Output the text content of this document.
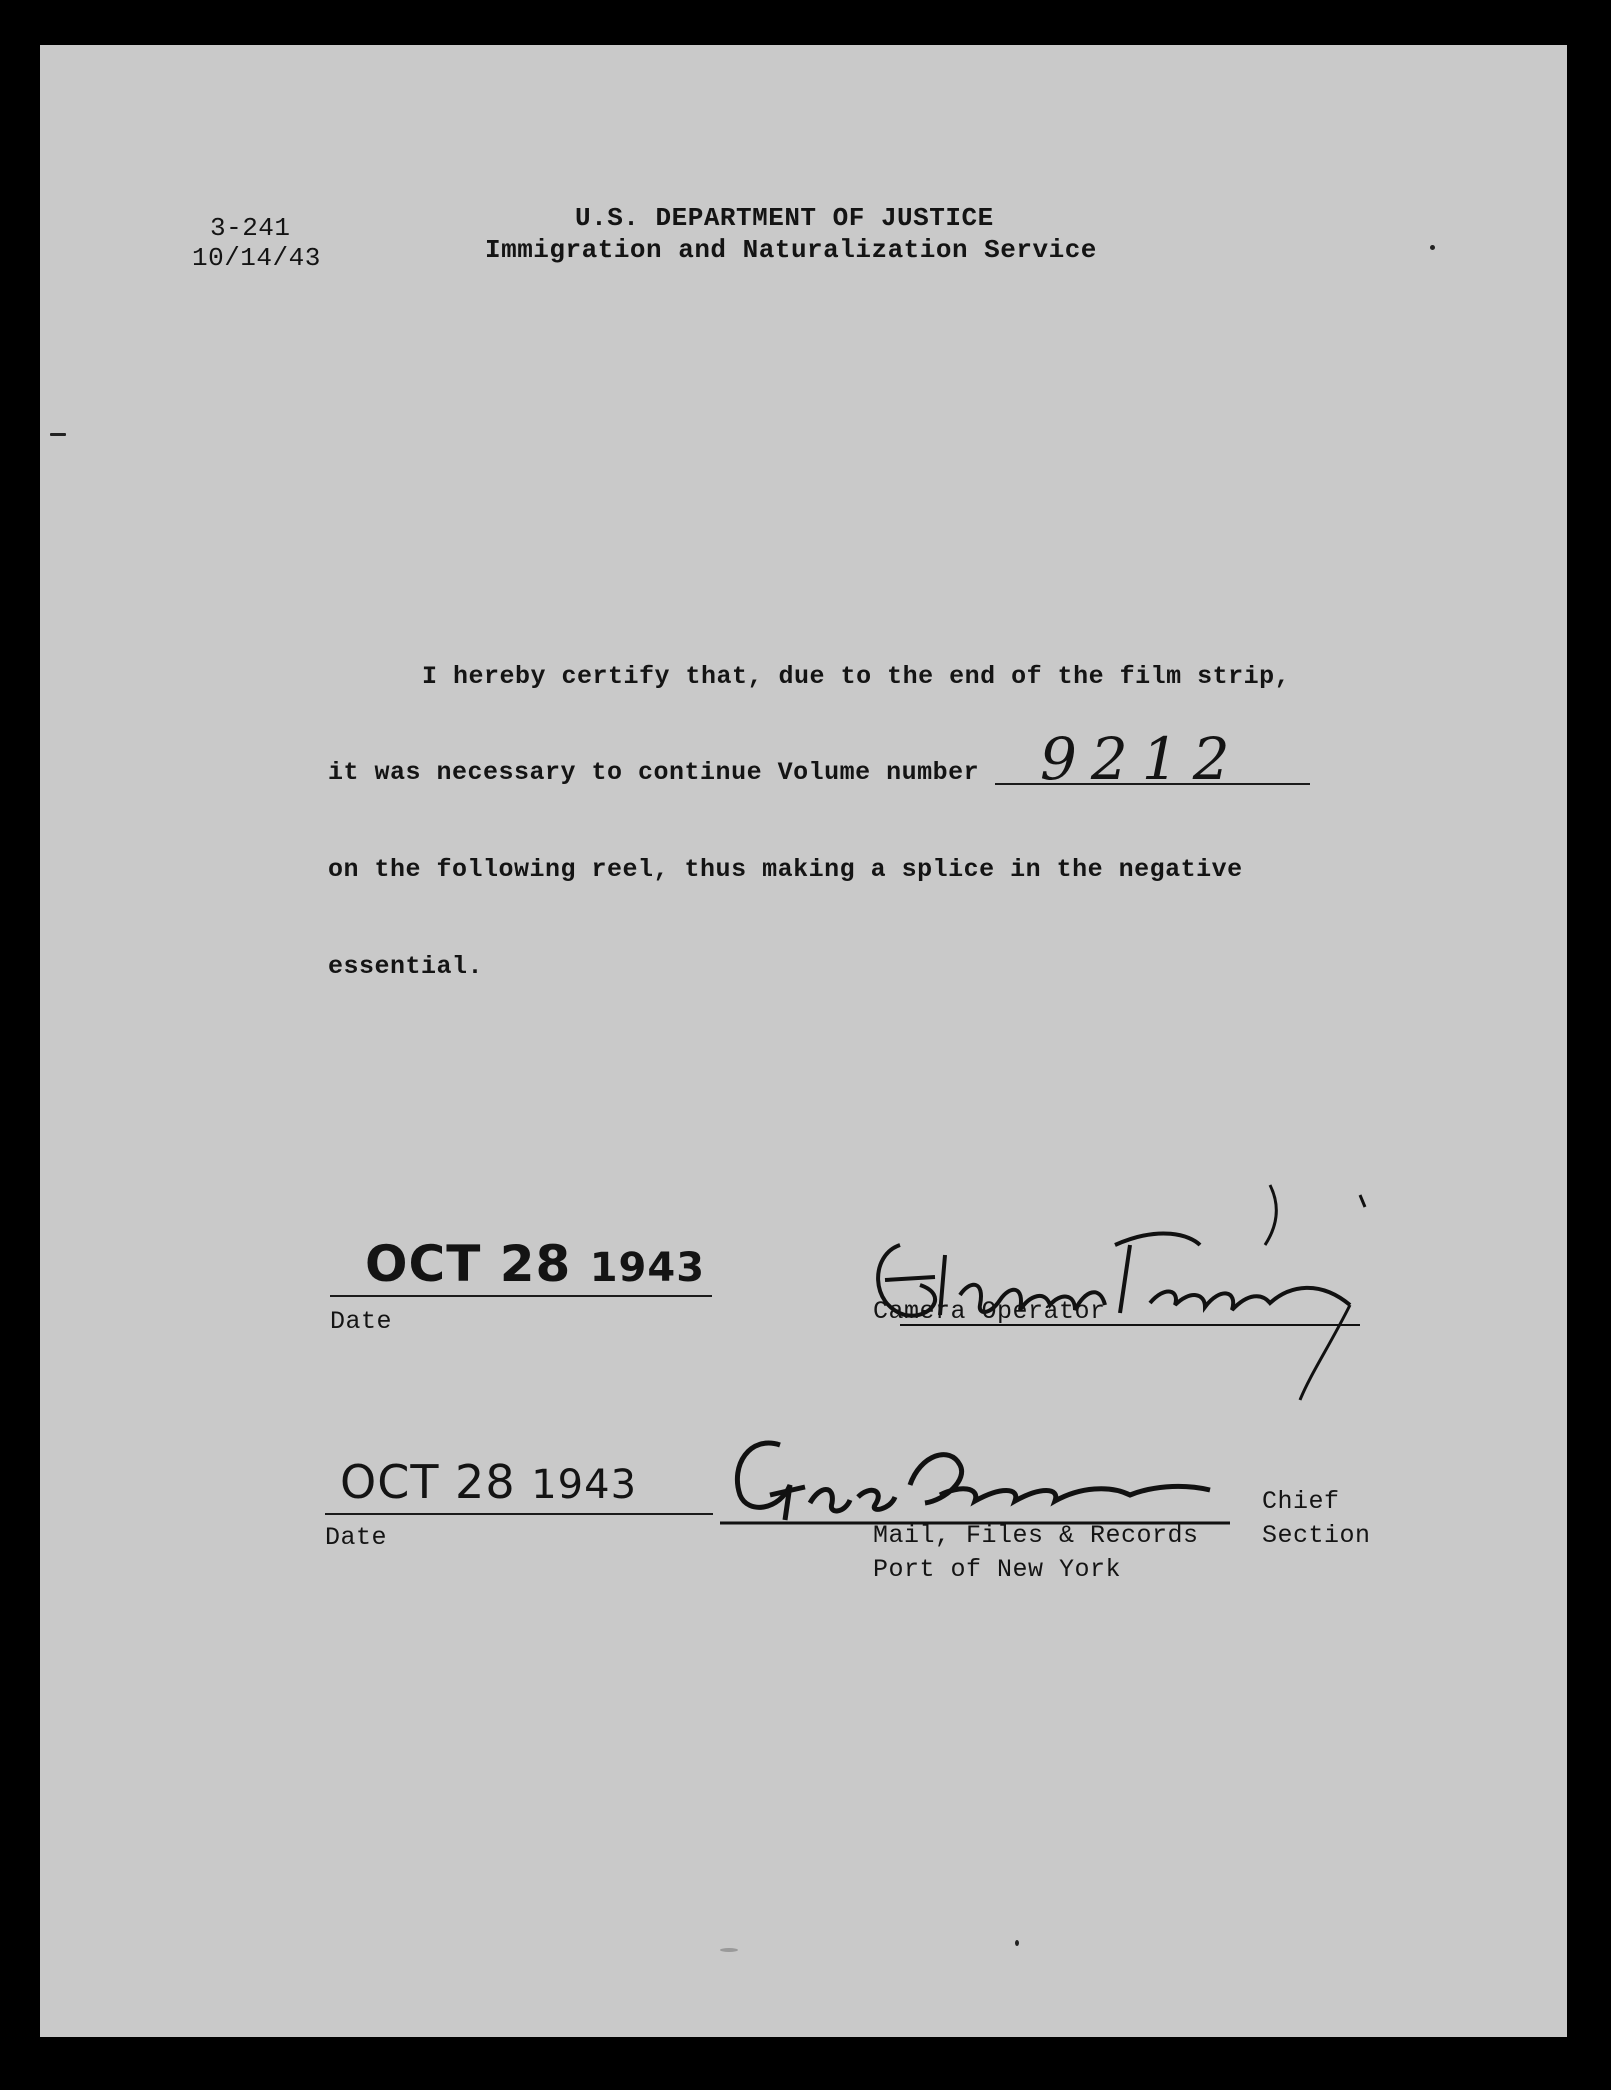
3-241
10/14/43
U.S. DEPARTMENT OF JUSTICE
Immigration and Naturalization Service
I hereby certify that, due to the end of the film strip,
it was necessary to continue Volume number 9212
on the following reel, thus making a splice in the negative
essential.
OCT 28 1943
Date	Camera Operator
OCT 28 1943
Date
Chief
Section
Mail, Files & Records
Port of New York
